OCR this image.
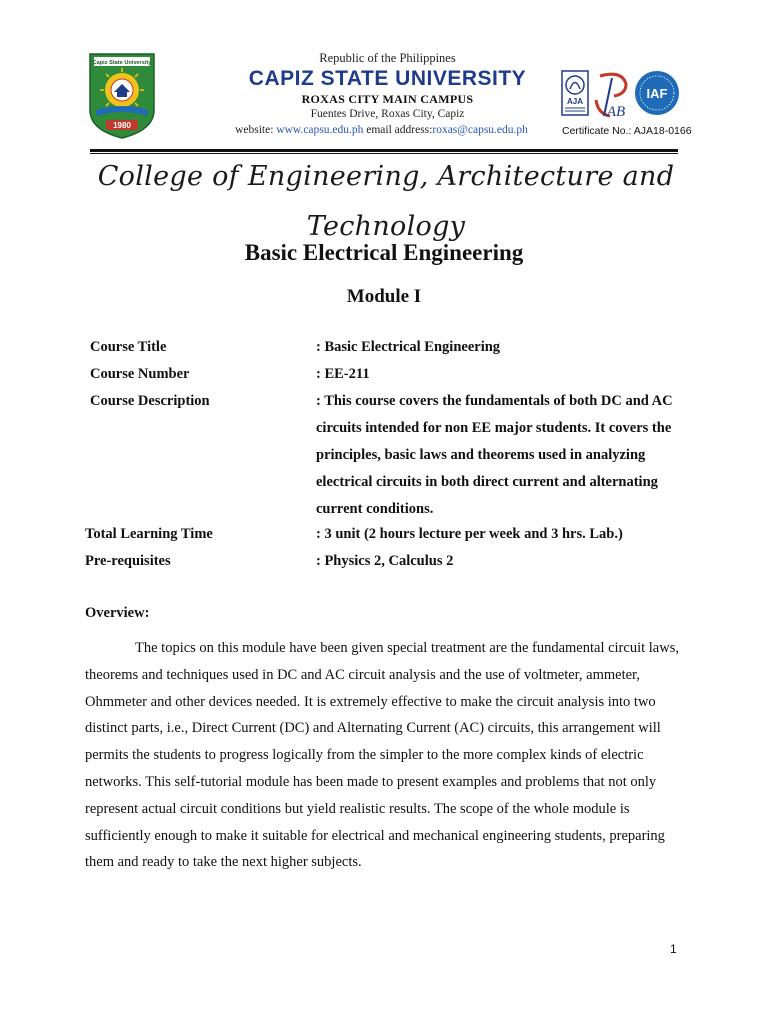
Capiz State University
1980
Republic of the Philippines
CAPIZ STATE UNIVERSITY
ROXAS CITY MAIN CAMPUS
Fuentes Drive, Roxas City, Capiz
website: www.capsu.edu.ph email address:roxas@capsu.edu.ph
AJA
AB
IAF
Certificate No.: AJA18-0166
College of Engineering, Architecture and Technology
Basic Electrical Engineering
Module I
Course Title	: Basic Electrical Engineering
Course Number	: EE-211
Course Description	: This course covers the fundamentals of both DC and AC circuits intended for non EE major students. It covers the principles, basic laws and theorems used in analyzing electrical circuits in both direct current and alternating current conditions.
Total Learning Time	: 3 unit (2 hours lecture per week and 3 hrs. Lab.)
Pre-requisites	: Physics 2, Calculus 2
Overview:

The topics on this module have been given special treatment are the fundamental circuit laws, theorems and techniques used in DC and AC circuit analysis and the use of voltmeter, ammeter, Ohmmeter and other devices needed. It is extremely effective to make the circuit analysis into two distinct parts, i.e., Direct Current (DC) and Alternating Current (AC) circuits, this arrangement will permits the students to progress logically from the simpler to the more complex kinds of electric networks. This self-tutorial module has been made to present examples and problems that not only represent actual circuit conditions but yield realistic results. The scope of the whole module is sufficiently enough to make it suitable for electrical and mechanical engineering students, preparing them and ready to take the next higher subjects.

1
